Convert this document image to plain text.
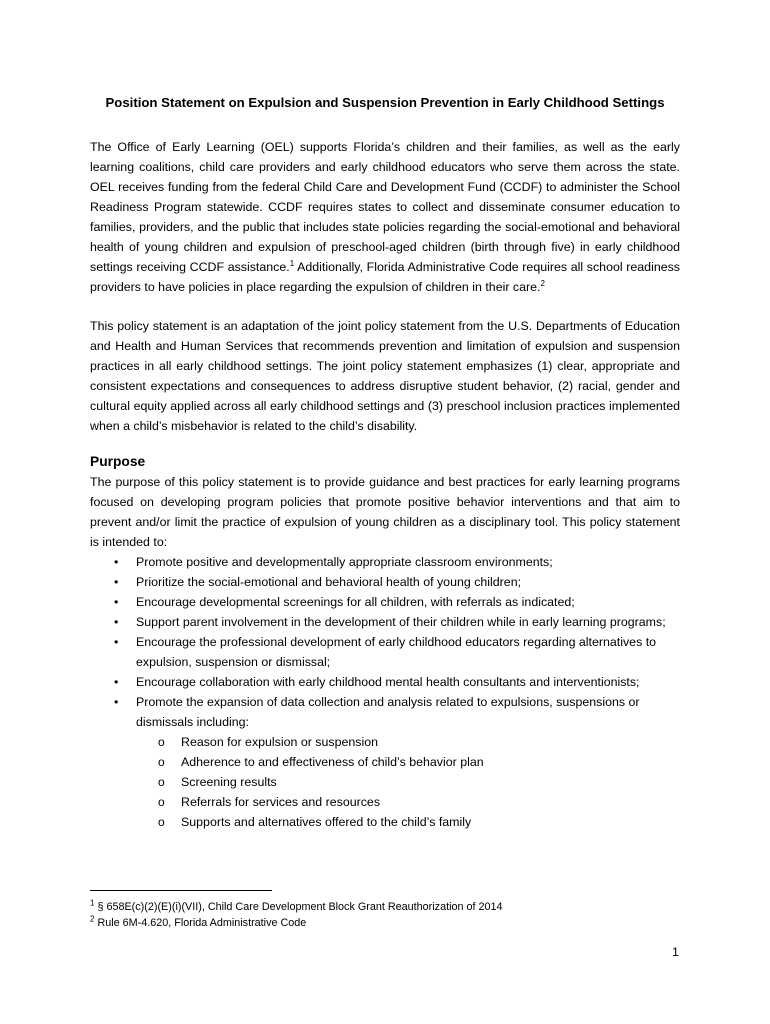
Position Statement on Expulsion and Suspension Prevention in Early Childhood Settings

The Office of Early Learning (OEL) supports Florida’s children and their families, as well as the early learning coalitions, child care providers and early childhood educators who serve them across the state. OEL receives funding from the federal Child Care and Development Fund (CCDF) to administer the School Readiness Program statewide. CCDF requires states to collect and disseminate consumer education to families, providers, and the public that includes state policies regarding the social-emotional and behavioral health of young children and expulsion of preschool-aged children (birth through five) in early childhood settings receiving CCDF assistance.$^1$ Additionally, Florida Administrative Code requires all school readiness providers to have policies in place regarding the expulsion of children in their care.$^2$

This policy statement is an adaptation of the joint policy statement from the U.S. Departments of Education and Health and Human Services that recommends prevention and limitation of expulsion and suspension practices in all early childhood settings. The joint policy statement emphasizes (1) clear, appropriate and consistent expectations and consequences to address disruptive student behavior, (2) racial, gender and cultural equity applied across all early childhood settings and (3) preschool inclusion practices implemented when a child’s misbehavior is related to the child’s disability.

Purpose

The purpose of this policy statement is to provide guidance and best practices for early learning programs focused on developing program policies that promote positive behavior interventions and that aim to prevent and/or limit the practice of expulsion of young children as a disciplinary tool. This policy statement is intended to:

• Promote positive and developmentally appropriate classroom environments;
• Prioritize the social-emotional and behavioral health of young children;
• Encourage developmental screenings for all children, with referrals as indicated;
• Support parent involvement in the development of their children while in early learning programs;
• Encourage the professional development of early childhood educators regarding alternatives to expulsion, suspension or dismissal;
• Encourage collaboration with early childhood mental health consultants and interventionists;
• Promote the expansion of data collection and analysis related to expulsions, suspensions or dismissals including:
o Reason for expulsion or suspension
o Adherence to and effectiveness of child’s behavior plan
o Screening results
o Referrals for services and resources
o Supports and alternatives offered to the child’s family
$^1$ § 658E(c)(2)(E)(i)(VII), Child Care Development Block Grant Reauthorization of 2014
$^2$ Rule 6M-4.620, Florida Administrative Code
1
